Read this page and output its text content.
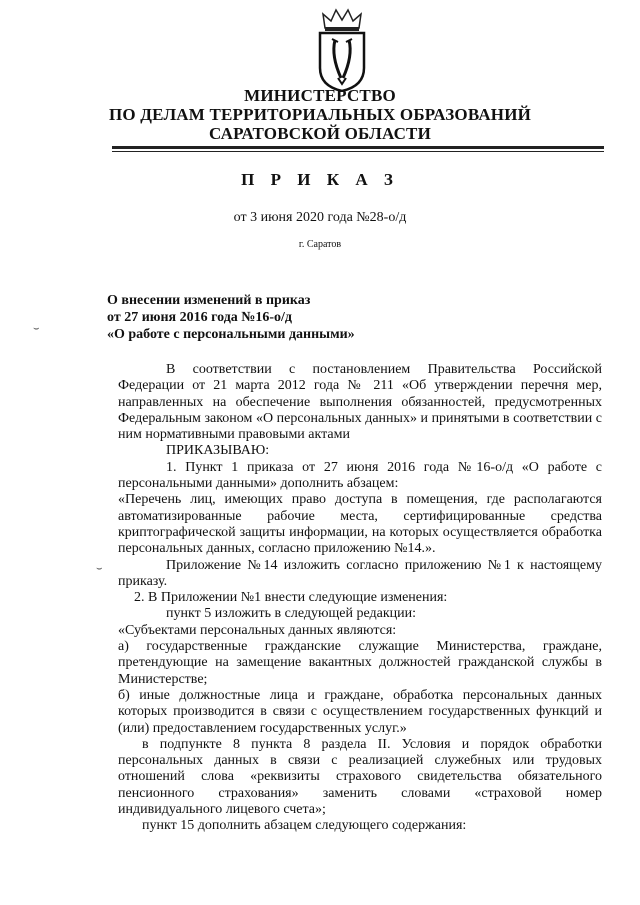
МИНИСТЕРСТВО
ПО ДЕЛАМ ТЕРРИТОРИАЛЬНЫХ ОБРАЗОВАНИЙ
САРАТОВСКОЙ ОБЛАСТИ
П Р И К А З
от 3 июня 2020 года №28-о/д
г. Саратов
О внесении изменений в приказ
от 27 июня 2016 года №16-о/д
«О работе с персональными данными»
⌣
⌣

В соответствии с постановлением Правительства Российской Федерации от 21 марта 2012 года № 211 «Об утверждении перечня мер, направленных на обеспечение выполнения обязанностей, предусмотренных Федеральным законом «О персональных данных» и принятыми в соответствии с ним нормативными правовыми актами

ПРИКАЗЫВАЮ:

1. Пункт 1 приказа от 27 июня 2016 года №16-о/д «О работе с персональными данными» дополнить абзацем:

«Перечень лиц, имеющих право доступа в помещения, где располагаются автоматизированные рабочие места, сертифицированные средства криптографической защиты информации, на которых осуществляется обработка персональных данных, согласно приложению №14.».

Приложение №14 изложить согласно приложению №1 к настоящему приказу.

2. В Приложении №1 внести следующие изменения:

пункт 5 изложить в следующей редакции:

«Субъектами персональных данных являются:

а) государственные гражданские служащие Министерства, граждане, претендующие на замещение вакантных должностей гражданской службы в Министерстве;

б) иные должностные лица и граждане, обработка персональных данных которых производится в связи с осуществлением государственных функций и (или) предоставлением государственных услуг.»

в подпункте 8 пункта 8 раздела II. Условия и порядок обработки персональных данных в связи с реализацией служебных или трудовых отношений слова «реквизиты страхового свидетельства обязательного пенсионного страхования» заменить словами «страховой номер индивидуального лицевого счета»;

пункт 15 дополнить абзацем следующего содержания:
